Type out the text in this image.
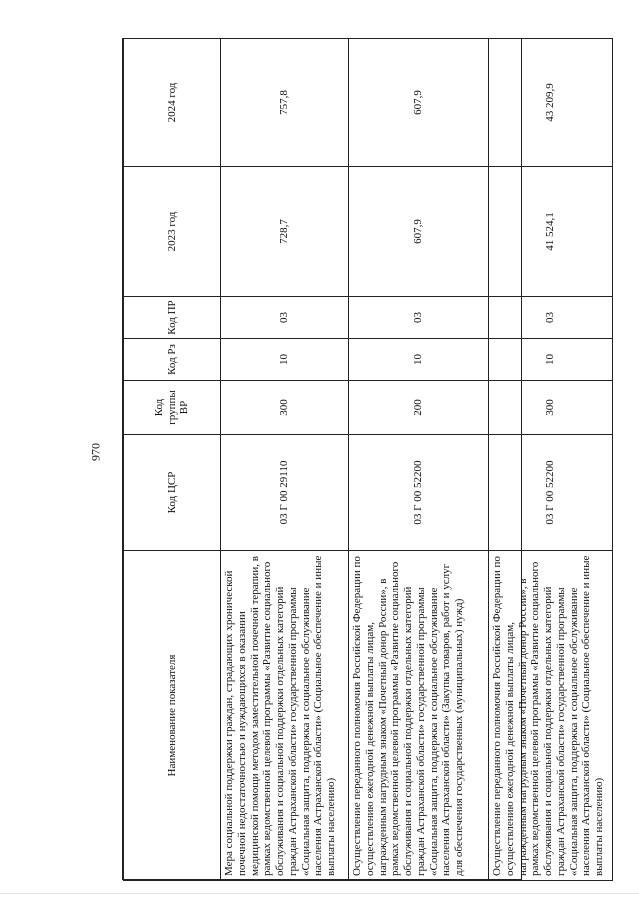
970
Наименование показателя	Код ЦСР	Код группы ВР	Код Рз	Код ПР	2023 год	2024 год
Мера социальной поддержки граждан, страдающих хронической почечной недостаточностью и нуждающихся в оказании медицинской помощи методом заместительной почечной терапии, в рамках ведомственной целевой программы «Развитие социального обслуживания и социальной поддержки отдельных категорий граждан Астраханской области» государственной программы «Социальная защита, поддержка и социальное обслуживание населения Астраханской области» (Социальное обеспечение и иные выплаты населению)	03 Г 00 29110	300	10	03	728,7	757,8
Осуществление переданного полномочия Российской Федерации по осуществлению ежегодной денежной выплаты лицам, награжденным нагрудным знаком «Почетный донор России», в рамках ведомственной целевой программы «Развитие социального обслуживания и социальной поддержки отдельных категорий граждан Астраханской области» государственной программы «Социальная защита, поддержка и социальное обслуживание населения Астраханской области» (Закупка товаров, работ и услуг для обеспечения государственных (муниципальных) нужд)	03 Г 00 52200	200	10	03	607,9	607,9
Осуществление переданного полномочия Российской Федерации по осуществлению ежегодной денежной выплаты лицам, награжденным нагрудным знаком «Почетный донор России», в рамках ведомственной целевой программы «Развитие социального обслуживания и социальной поддержки отдельных категорий граждан Астраханской области» государственной программы «Социальная защита, поддержка и социальное обслуживание населения Астраханской области» (Социальное обеспечение и иные выплаты населению)	03 Г 00 52200	300	10	03	41 524,1	43 209,9
